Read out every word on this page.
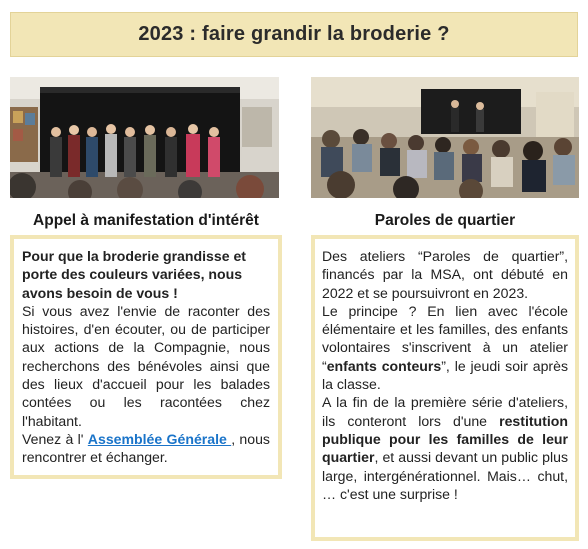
2023 : faire grandir la broderie ?
Appel à manifestation d'intérêt	Paroles de quartier

Pour que la broderie grandisse et porte des couleurs variées, nous avons besoin de vous !

Si vous avez l'envie de raconter des histoires, d'en écouter, ou de participer aux actions de la Compagnie, nous recherchons des bénévoles ainsi que des lieux d'accueil pour les balades contées ou les racontées chez l'habitant.

Venez à l' Assemblée Générale , nous rencontrer et échanger.

Des ateliers “Paroles de quartier”, financés par la MSA, ont débuté en 2022 et se poursuivront en 2023.

Le principe ? En lien avec l'école élémentaire et les familles, des enfants volontaires s'inscrivent à un atelier “enfants conteurs”, le jeudi soir après la classe.

A la fin de la première série d'ateliers, ils conteront lors d'une restitution publique pour les familles de leur quartier, et aussi devant un public plus large, intergénérationnel. Mais… chut, … c'est une surprise !
